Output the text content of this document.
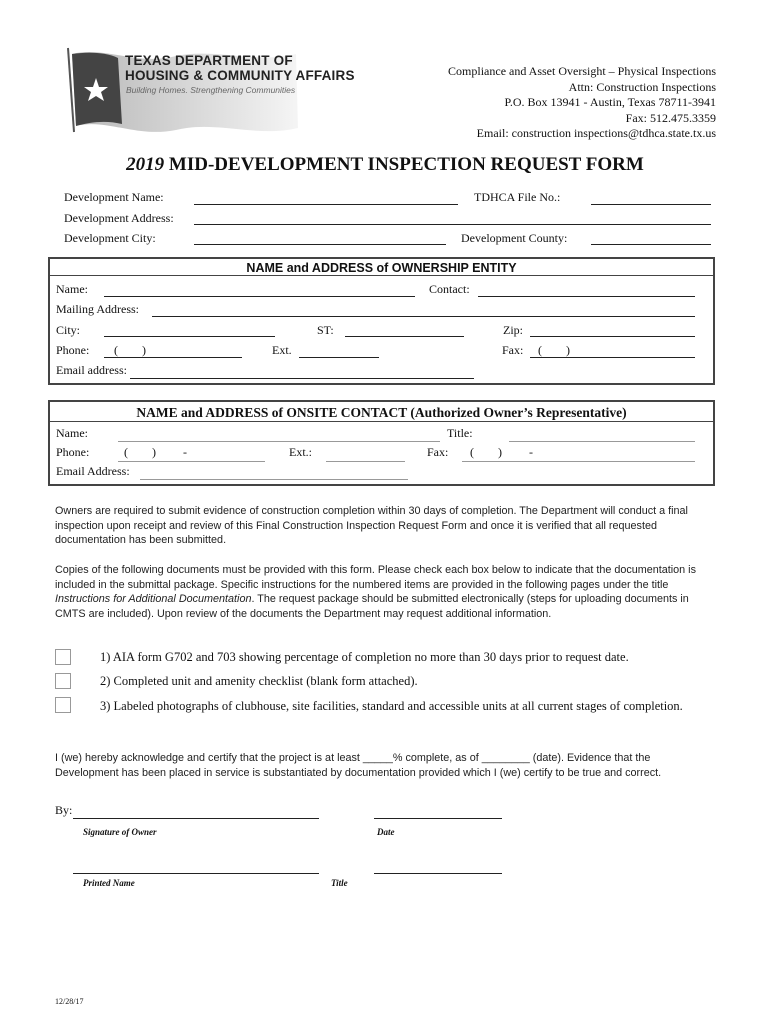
TEXAS DEPARTMENT OF
HOUSING & COMMUNITY AFFAIRS
Building Homes. Strengthening Communities
Compliance and Asset Oversight – Physical Inspections
Attn: Construction Inspections
P.O. Box 13941 - Austin, Texas 78711-3941
Fax: 512.475.3359
Email: construction inspections@tdhca.state.tx.us
2019 MID-DEVELOPMENT INSPECTION REQUEST FORM
Development Name:	TDHCA File No.:
Development Address:
Development City:	Development County:
NAME and ADDRESS of OWNERSHIP ENTITY
Name:	Contact:
Mailing Address:
City:	ST:	Zip:
Phone: (        )	Ext.	Fax: (        )
Email address:
NAME and ADDRESS of ONSITE CONTACT (Authorized Owner’s Representative)
Name:	Title:
Phone:	(        )         -	Ext.:	Fax: (        )         -
Email Address:
Owners are required to submit evidence of construction completion within 30 days of completion. The Department will conduct a final inspection upon receipt and review of this Final Construction Inspection Request Form and once it is verified that all requested documentation has been submitted.
Copies of the following documents must be provided with this form. Please check each box below to indicate that the documentation is included in the submittal package. Specific instructions for the numbered items are provided in the following pages under the title Instructions for Additional Documentation. The request package should be submitted electronically (steps for uploading documents in CMTS are included). Upon review of the documents the Department may request additional information.
1) AIA form G702 and 703 showing percentage of completion no more than 30 days prior to request date.
2) Completed unit and amenity checklist (blank form attached).
3) Labeled photographs of clubhouse, site facilities, standard and accessible units at all current stages of completion.
I (we) hereby acknowledge and certify that the project is at least _____% complete, as of ________ (date). Evidence that the Development has been placed in service is substantiated by documentation provided which I (we) certify to be true and correct.
By:
Signature of Owner	Date
Printed Name	Title
12/28/17
